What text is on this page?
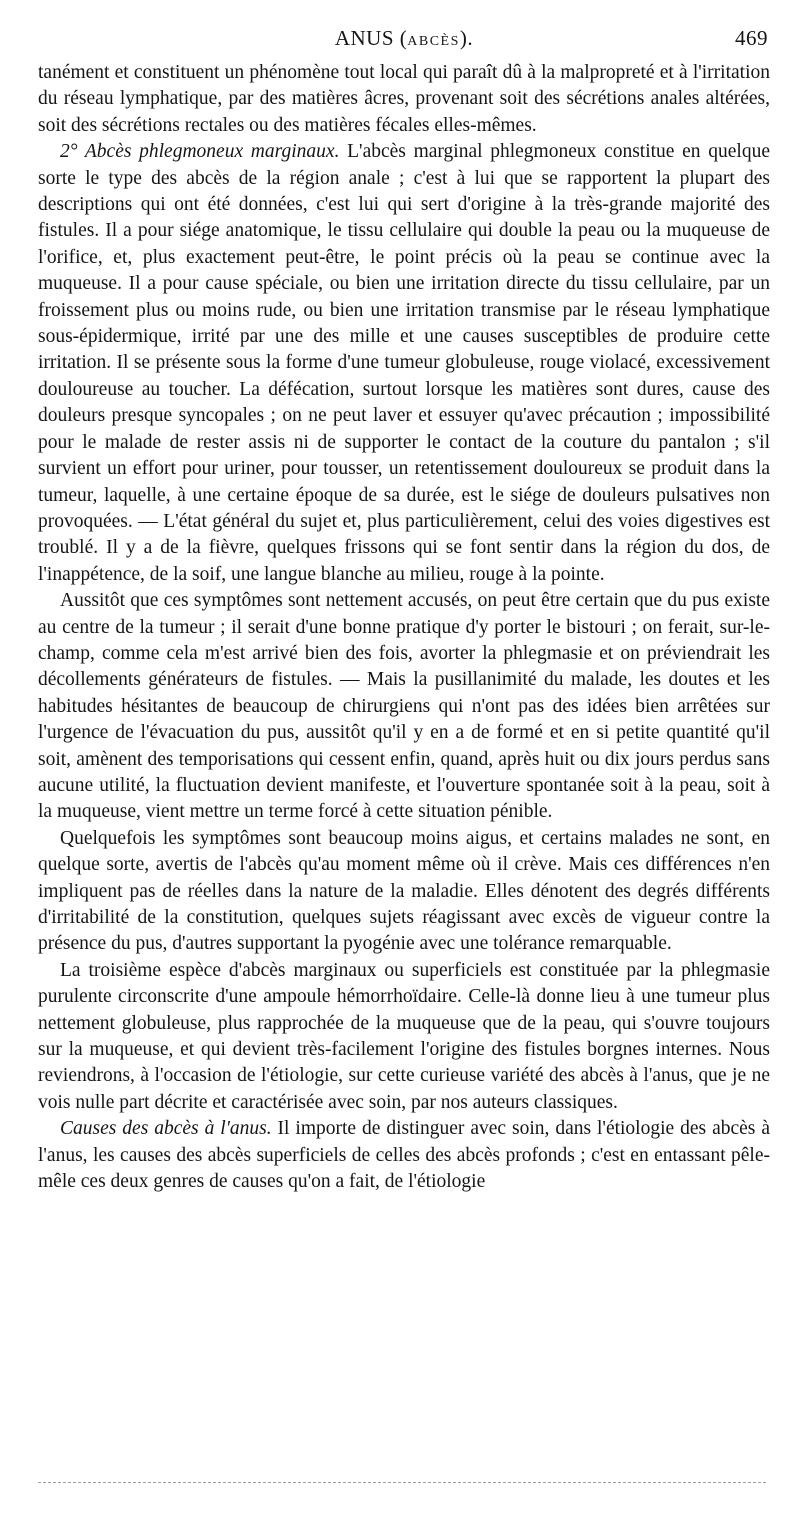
ANUS (ABCÈS).	469

tanément et constituent un phénomène tout local qui paraît dû à la malpropreté et à l'irritation du réseau lymphatique, par des matières âcres, provenant soit des sécrétions anales altérées, soit des sécrétions rectales ou des matières fécales elles-mêmes.

2° Abcès phlegmoneux marginaux. L'abcès marginal phlegmoneux constitue en quelque sorte le type des abcès de la région anale ; c'est à lui que se rapportent la plupart des descriptions qui ont été données, c'est lui qui sert d'origine à la très-grande majorité des fistules. Il a pour siége anatomique, le tissu cellulaire qui double la peau ou la muqueuse de l'orifice, et, plus exactement peut-être, le point précis où la peau se continue avec la muqueuse. Il a pour cause spéciale, ou bien une irritation directe du tissu cellulaire, par un froissement plus ou moins rude, ou bien une irritation transmise par le réseau lymphatique sous-épidermique, irrité par une des mille et une causes susceptibles de produire cette irritation. Il se présente sous la forme d'une tumeur globuleuse, rouge violacé, excessivement douloureuse au toucher. La défécation, surtout lorsque les matières sont dures, cause des douleurs presque syncopales ; on ne peut laver et essuyer qu'avec précaution ; impossibilité pour le malade de rester assis ni de supporter le contact de la couture du pantalon ; s'il survient un effort pour uriner, pour tousser, un retentissement douloureux se produit dans la tumeur, laquelle, à une certaine époque de sa durée, est le siége de douleurs pulsatives non provoquées. — L'état général du sujet et, plus particulièrement, celui des voies digestives est troublé. Il y a de la fièvre, quelques frissons qui se font sentir dans la région du dos, de l'inappétence, de la soif, une langue blanche au milieu, rouge à la pointe.

Aussitôt que ces symptômes sont nettement accusés, on peut être certain que du pus existe au centre de la tumeur ; il serait d'une bonne pratique d'y porter le bistouri ; on ferait, sur-le-champ, comme cela m'est arrivé bien des fois, avorter la phlegmasie et on préviendrait les décollements générateurs de fistules. — Mais la pusillanimité du malade, les doutes et les habitudes hésitantes de beaucoup de chirurgiens qui n'ont pas des idées bien arrêtées sur l'urgence de l'évacuation du pus, aussitôt qu'il y en a de formé et en si petite quantité qu'il soit, amènent des temporisations qui cessent enfin, quand, après huit ou dix jours perdus sans aucune utilité, la fluctuation devient manifeste, et l'ouverture spontanée soit à la peau, soit à la muqueuse, vient mettre un terme forcé à cette situation pénible.

Quelquefois les symptômes sont beaucoup moins aigus, et certains malades ne sont, en quelque sorte, avertis de l'abcès qu'au moment même où il crève. Mais ces différences n'en impliquent pas de réelles dans la nature de la maladie. Elles dénotent des degrés différents d'irritabilité de la constitution, quelques sujets réagissant avec excès de vigueur contre la présence du pus, d'autres supportant la pyogénie avec une tolérance remarquable.

La troisième espèce d'abcès marginaux ou superficiels est constituée par la phlegmasie purulente circonscrite d'une ampoule hémorrhoïdaire. Celle-là donne lieu à une tumeur plus nettement globuleuse, plus rapprochée de la muqueuse que de la peau, qui s'ouvre toujours sur la muqueuse, et qui devient très-facilement l'origine des fistules borgnes internes. Nous reviendrons, à l'occasion de l'étiologie, sur cette curieuse variété des abcès à l'anus, que je ne vois nulle part décrite et caractérisée avec soin, par nos auteurs classiques.

Causes des abcès à l'anus. Il importe de distinguer avec soin, dans l'étiologie des abcès à l'anus, les causes des abcès superficiels de celles des abcès profonds ; c'est en entassant pêle-mêle ces deux genres de causes qu'on a fait, de l'étiologie
